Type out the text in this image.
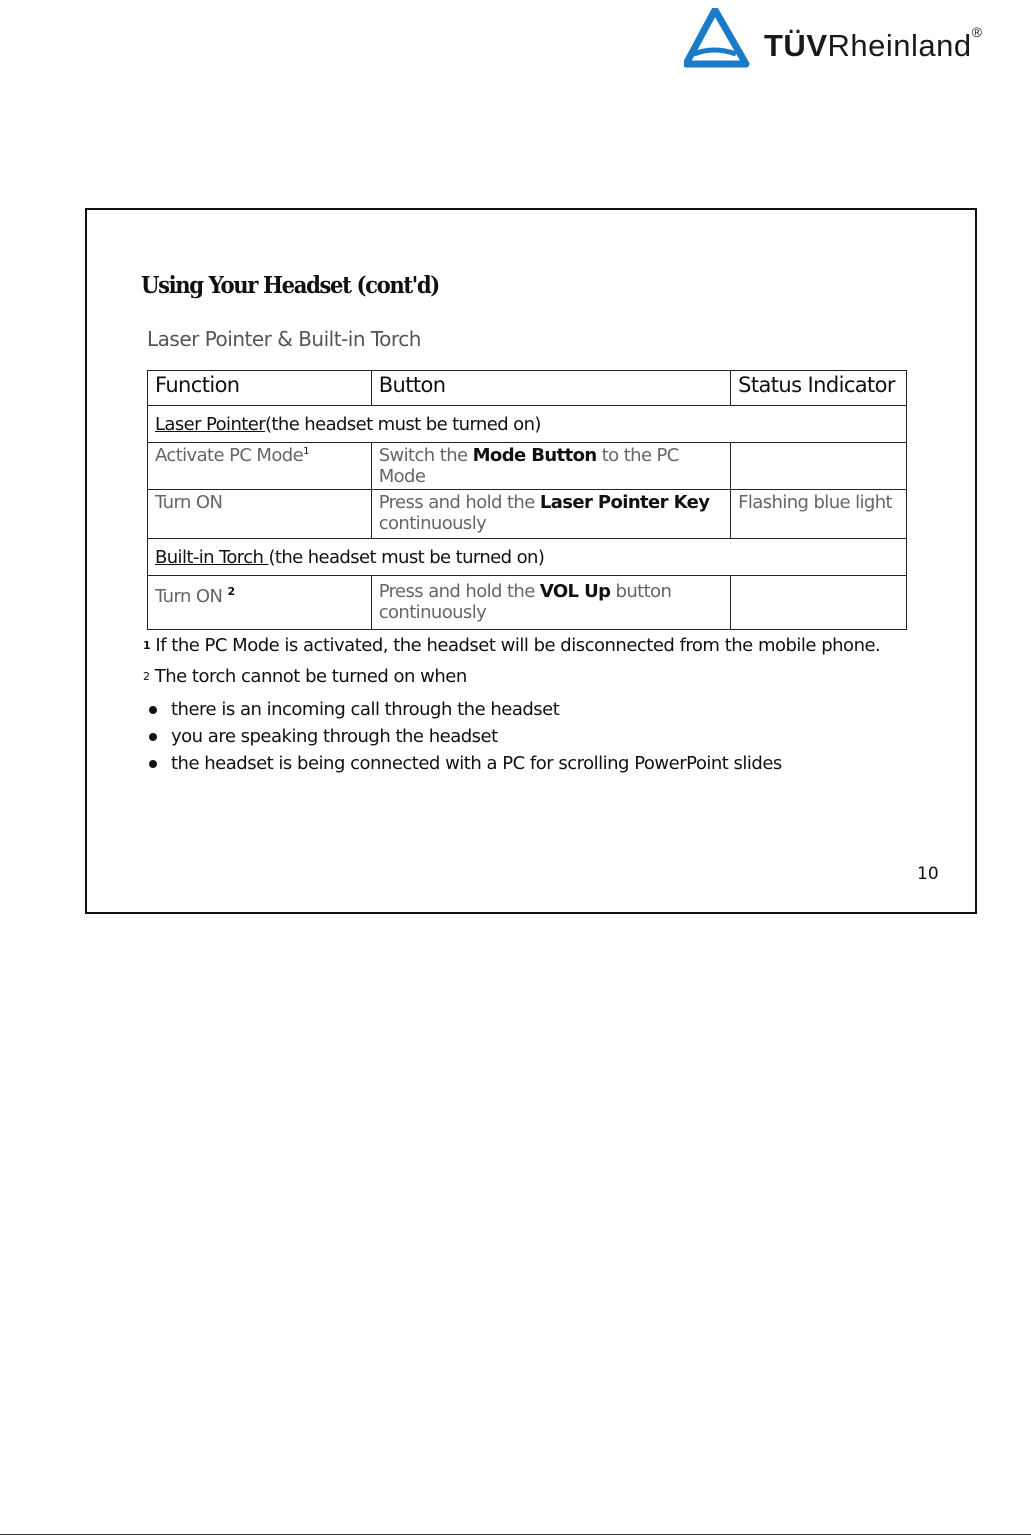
TÜVRheinland®
Using Your Headset (cont'd)
Laser Pointer & Built-in Torch
Function	Button	Status Indicator
Laser Pointer(the headset must be turned on)		
Activate PC Mode$^1$	Switch the Mode Button to the PC Mode	
Turn ON	Press and hold the Laser Pointer Key continuously	Flashing blue light
Built-in Torch (the headset must be turned on)		
Turn ON $^2$	Press and hold the VOL Up button continuously	

$^1$ If the PC Mode is activated, the headset will be disconnected from the mobile phone.

$^2$ The torch cannot be turned on when

there is an incoming call through the headset
you are speaking through the headset
the headset is being connected with a PC for scrolling PowerPoint slides
10
